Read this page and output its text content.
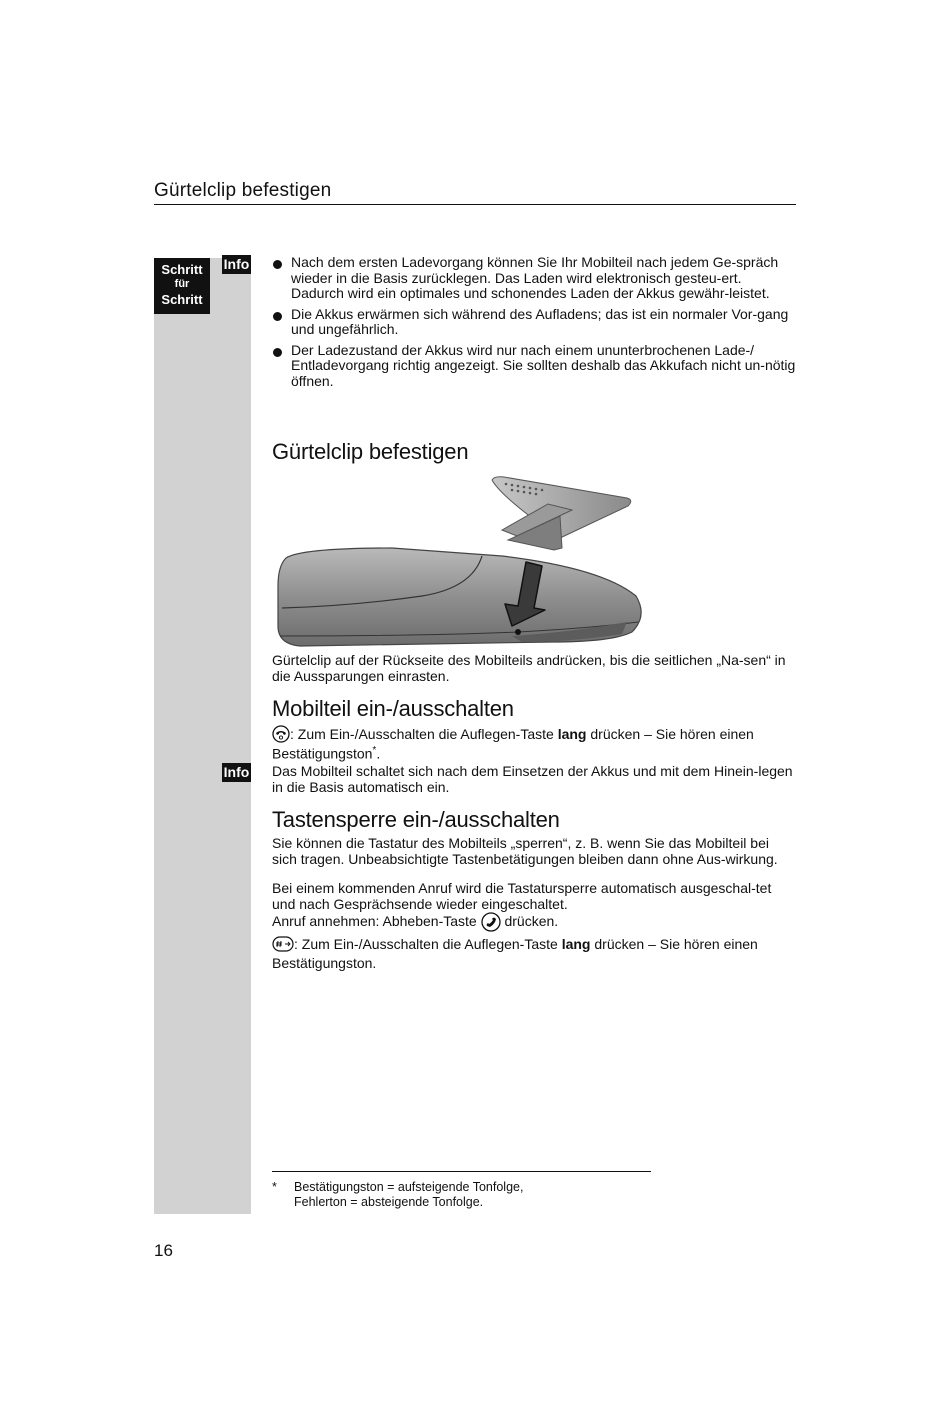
Gürtelclip befestigen
Schritt
für
Schritt
Info	Nach dem ersten Ladevorgang können Sie Ihr Mobilteil nach jedem Ge-spräch wieder in die Basis zurücklegen. Das Laden wird elektronisch gesteu-ert. Dadurch wird ein optimales und schonendes Laden der Akkus gewähr-leistet.
Die Akkus erwärmen sich während des Aufladens; das ist ein normaler Vor-gang und ungefährlich.
Der Ladezustand der Akkus wird nur nach einem ununterbrochenen Lade-/ Entladevorgang richtig angezeigt. Sie sollten deshalb das Akkufach nicht un-nötig öffnen.
Gürtelclip befestigen
Gürtelclip auf der Rückseite des Mobilteils andrücken, bis die seitlichen „Na-sen“ in die Aussparungen einrasten.
Mobilteil ein-/ausschalten
: Zum Ein-/Ausschalten die Auflegen-Taste lang drücken – Sie hören einen Bestätigungston*.
Info Das Mobilteil schaltet sich nach dem Einsetzen der Akkus und mit dem Hinein-legen in die Basis automatisch ein.
Tastensperre ein-/ausschalten
Sie können die Tastatur des Mobilteils „sperren“, z. B. wenn Sie das Mobilteil bei sich tragen. Unbeabsichtigte Tastenbetätigungen bleiben dann ohne Aus-wirkung.
Bei einem kommenden Anruf wird die Tastatursperre automatisch ausgeschal-tet und nach Gesprächsende wieder eingeschaltet.
Anruf annehmen: Abheben-Taste drücken.
: Zum Ein-/Ausschalten die Auflegen-Taste lang drücken – Sie hören einen Bestätigungston.
* Bestätigungston = aufsteigende Tonfolge,
Fehlerton = absteigende Tonfolge.
16
